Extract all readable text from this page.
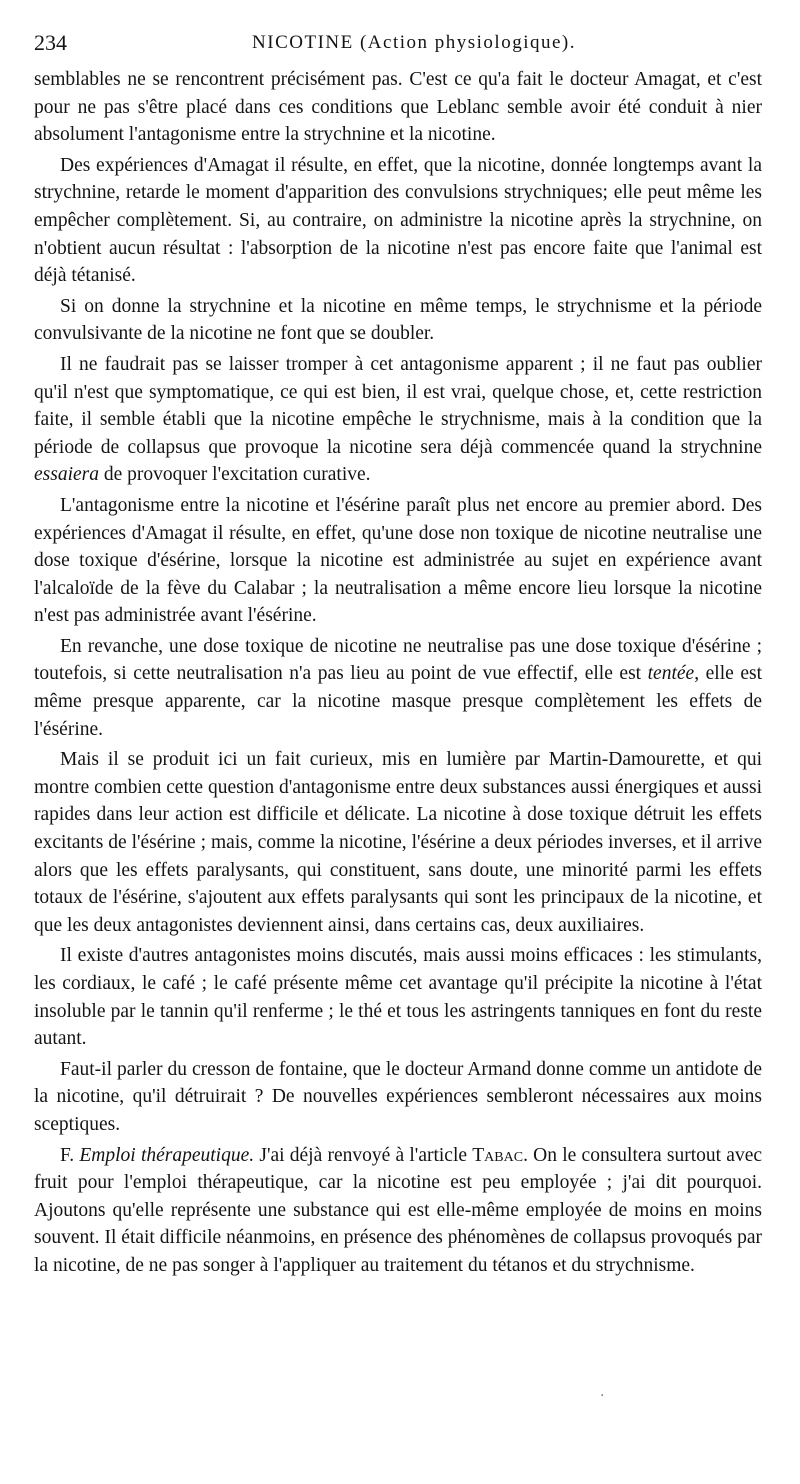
234	NICOTINE (Action physiologique).

semblables ne se rencontrent précisément pas. C'est ce qu'a fait le docteur Amagat, et c'est pour ne pas s'être placé dans ces conditions que Leblanc semble avoir été conduit à nier absolument l'antagonisme entre la strychnine et la nicotine.

Des expériences d'Amagat il résulte, en effet, que la nicotine, donnée longtemps avant la strychnine, retarde le moment d'apparition des convulsions strychniques; elle peut même les empêcher complètement. Si, au contraire, on administre la nicotine après la strychnine, on n'obtient aucun résultat : l'absorption de la nicotine n'est pas encore faite que l'animal est déjà tétanisé.

Si on donne la strychnine et la nicotine en même temps, le strychnisme et la période convulsivante de la nicotine ne font que se doubler.

Il ne faudrait pas se laisser tromper à cet antagonisme apparent ; il ne faut pas oublier qu'il n'est que symptomatique, ce qui est bien, il est vrai, quelque chose, et, cette restriction faite, il semble établi que la nicotine empêche le strychnisme, mais à la condition que la période de collapsus que provoque la nicotine sera déjà commencée quand la strychnine essaiera de provoquer l'excitation curative.

L'antagonisme entre la nicotine et l'ésérine paraît plus net encore au premier abord. Des expériences d'Amagat il résulte, en effet, qu'une dose non toxique de nicotine neutralise une dose toxique d'ésérine, lorsque la nicotine est administrée au sujet en expérience avant l'alcaloïde de la fève du Calabar ; la neutralisation a même encore lieu lorsque la nicotine n'est pas administrée avant l'ésérine.

En revanche, une dose toxique de nicotine ne neutralise pas une dose toxique d'ésérine ; toutefois, si cette neutralisation n'a pas lieu au point de vue effectif, elle est tentée, elle est même presque apparente, car la nicotine masque presque complètement les effets de l'ésérine.

Mais il se produit ici un fait curieux, mis en lumière par Martin-Damourette, et qui montre combien cette question d'antagonisme entre deux substances aussi énergiques et aussi rapides dans leur action est difficile et délicate. La nicotine à dose toxique détruit les effets excitants de l'ésérine ; mais, comme la nicotine, l'ésérine a deux périodes inverses, et il arrive alors que les effets paralysants, qui constituent, sans doute, une minorité parmi les effets totaux de l'ésérine, s'ajoutent aux effets paralysants qui sont les principaux de la nicotine, et que les deux antagonistes deviennent ainsi, dans certains cas, deux auxiliaires.

Il existe d'autres antagonistes moins discutés, mais aussi moins efficaces : les stimulants, les cordiaux, le café ; le café présente même cet avantage qu'il précipite la nicotine à l'état insoluble par le tannin qu'il renferme ; le thé et tous les astringents tanniques en font du reste autant.

Faut-il parler du cresson de fontaine, que le docteur Armand donne comme un antidote de la nicotine, qu'il détruirait ? De nouvelles expériences sembleront nécessaires aux moins sceptiques.

F. Emploi thérapeutique. J'ai déjà renvoyé à l'article Tabac. On le consultera surtout avec fruit pour l'emploi thérapeutique, car la nicotine est peu employée ; j'ai dit pourquoi. Ajoutons qu'elle représente une substance qui est elle-même employée de moins en moins souvent. Il était difficile néanmoins, en présence des phénomènes de collapsus provoqués par la nicotine, de ne pas songer à l'appliquer au traitement du tétanos et du strychnisme.

·
